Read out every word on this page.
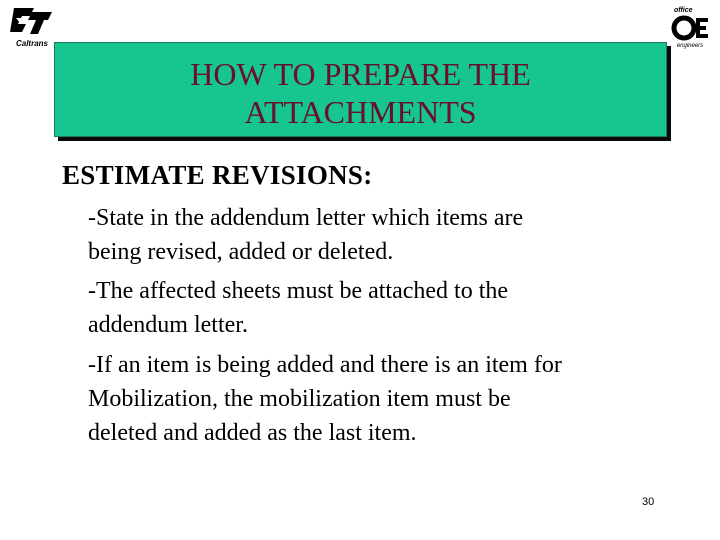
Caltrans
office
engineers
HOW TO PREPARE THE
ATTACHMENTS
ESTIMATE REVISIONS:
-State in the addendum letter which items are
being revised, added or deleted.
-The affected sheets must be attached to the
addendum letter.
-If an item is being added and there is an item for
Mobilization, the mobilization item must be
deleted and added as the last item.
30
